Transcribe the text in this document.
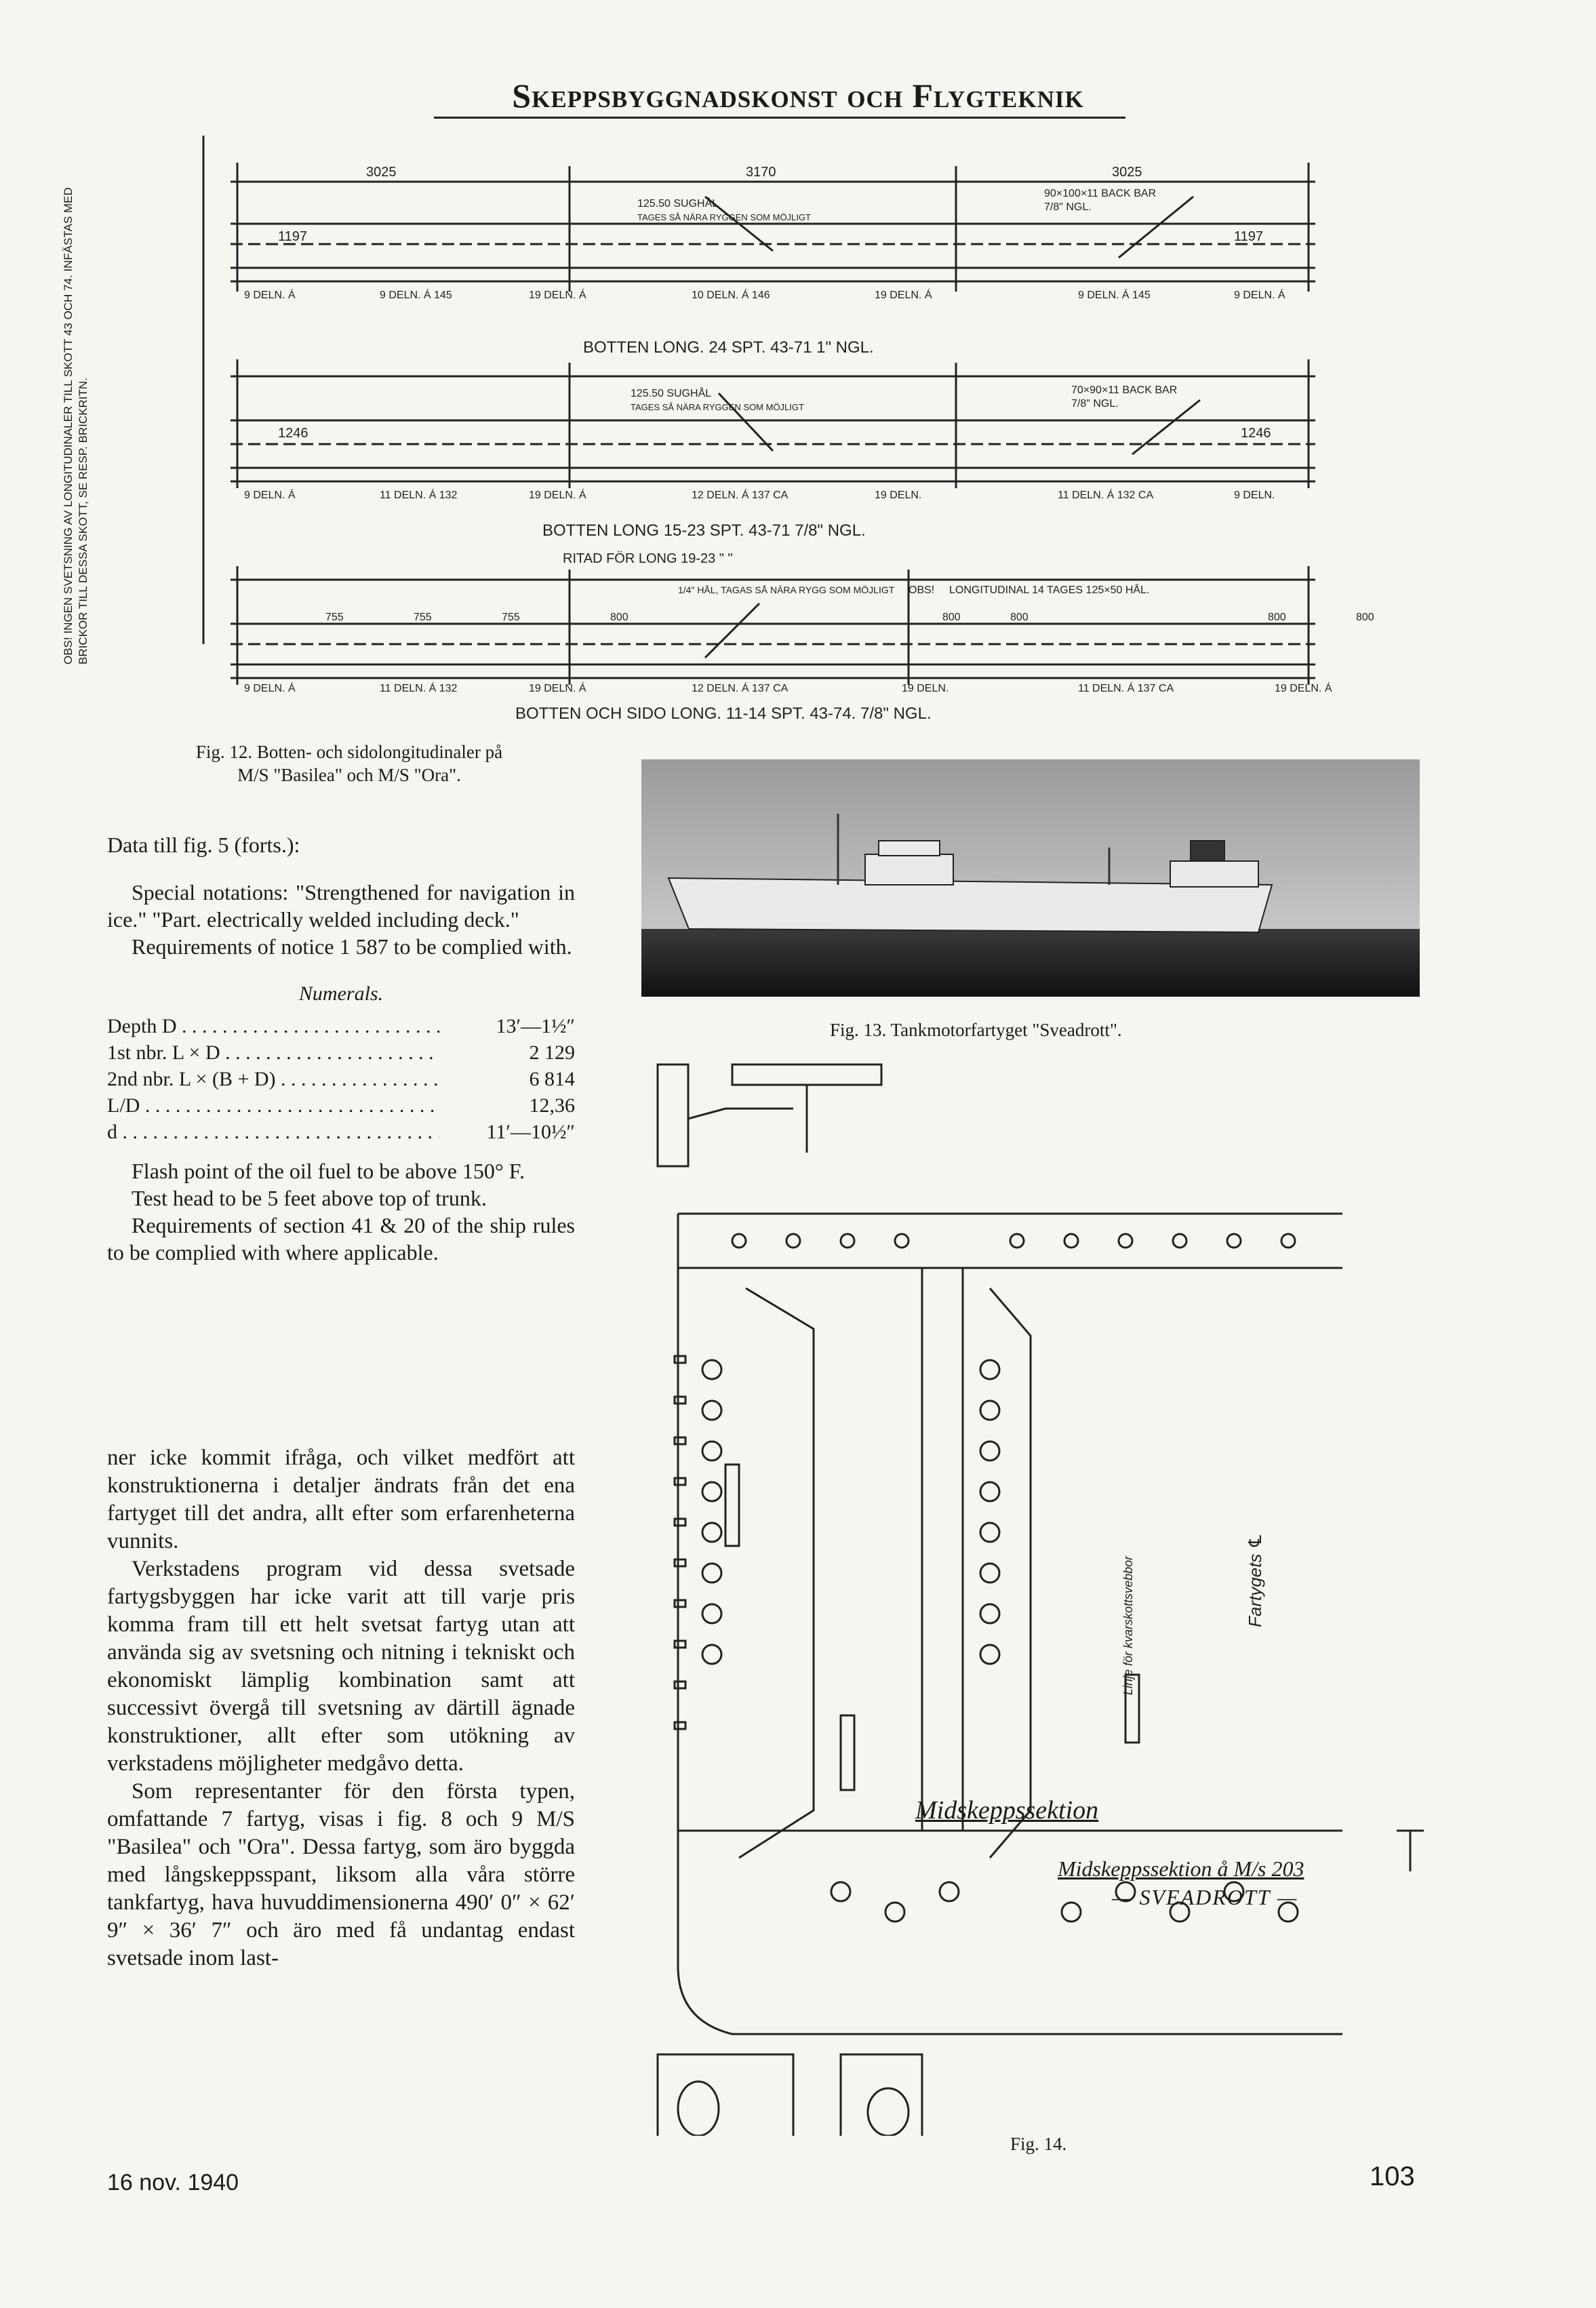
Skeppsbyggnadskonst och Flygteknik
3025	3170	3025
1197	1197
125.50 SUGHÅL
TAGES SÅ NÄRA RYGGEN SOM MÖJLIGT
90×100×11 BACK BAR
7/8" NGL.
9 DELN. Á	9 DELN. Á 145	19 DELN. Á	10 DELN. Á 146	19 DELN. Á	9 DELN. Á 145	9 DELN. Á
BOTTEN LONG. 24 SPT. 43-71 1" NGL.
1246	1246
125.50 SUGHÅL
TAGES SÅ NÄRA RYGGEN SOM MÖJLIGT
70×90×11 BACK BAR
7/8" NGL.
9 DELN. Á	11 DELN. Á 132	19 DELN. Á	12 DELN. Á 137 CA	19 DELN.	11 DELN. Á 132 CA	9 DELN.
BOTTEN LONG 15-23 SPT. 43-71 7/8" NGL.
RITAD FÖR LONG 19-23 " "
755	755	755	800	800	800	800	800
1/4" HÅL, TAGAS SÅ NÄRA RYGG SOM MÖJLIGT OBS! LONGITUDINAL 14 TAGES 125×50 HÅL.
9 DELN. Á	11 DELN. Á 132	19 DELN. Á	12 DELN. Á 137 CA	19 DELN.	11 DELN. Á 137 CA	19 DELN. Á
BOTTEN OCH SIDO LONG. 11-14 SPT. 43-74. 7/8" NGL.
OBS! INGEN SVETSNING AV LONGITUDINALER TILL SKOTT 43 OCH 74. INFÄSTAS MED BRICKOR TILL DESSA SKOTT, SE RESP. BRICKRITN.
Fig. 12. Botten- och sidolongitudinaler på
M/S "Basilea" och M/S "Ora".
Fig. 13. Tankmotorfartyget "Sveadrott".
Data till fig. 5 (forts.):

Special notations: "Strengthened for navigation in ice." "Part. electrically welded including deck."

Requirements of notice 1 587 to be complied with.

Numerals.
Depth D . . .	13′—1½″
1st nbr. L × D . . .	2 129
2nd nbr. L × (B + D) . . .	6 814
L/D . . .	12,36
d . . .	11′—10½″

Flash point of the oil fuel to be above 150° F.

Test head to be 5 feet above top of trunk.

Requirements of section 41 & 20 of the ship rules to be complied with where applicable.

ner icke kommit ifråga, och vilket medfört att konstruktionerna i detaljer ändrats från det ena fartyget till det andra, allt efter som erfarenheterna vunnits.

Verkstadens program vid dessa svetsade fartygsbyggen har icke varit att till varje pris komma fram till ett helt svetsat fartyg utan att använda sig av svetsning och nitning i tekniskt och ekonomiskt lämplig kombination samt att successivt övergå till svetsning av därtill ägnade konstruktioner, allt efter som utökning av verkstadens möjligheter medgåvo detta.

Som representanter för den första typen, omfattande 7 fartyg, visas i fig. 8 och 9 M/S "Basilea" och "Ora". Dessa fartyg, som äro byggda med långskeppsspant, liksom alla våra större tankfartyg, hava huvuddimensionerna 490′ 0″ × 62′ 9″ × 36′ 7″ och äro med få undantag endast svetsade inom last-

Fartygets ℄
Linje för kvarskottsvebbor
Midskeppssektion
Midskeppssektion å M/s 203
— SVEADROTT —
Fig. 14.
16 nov. 1940	103
